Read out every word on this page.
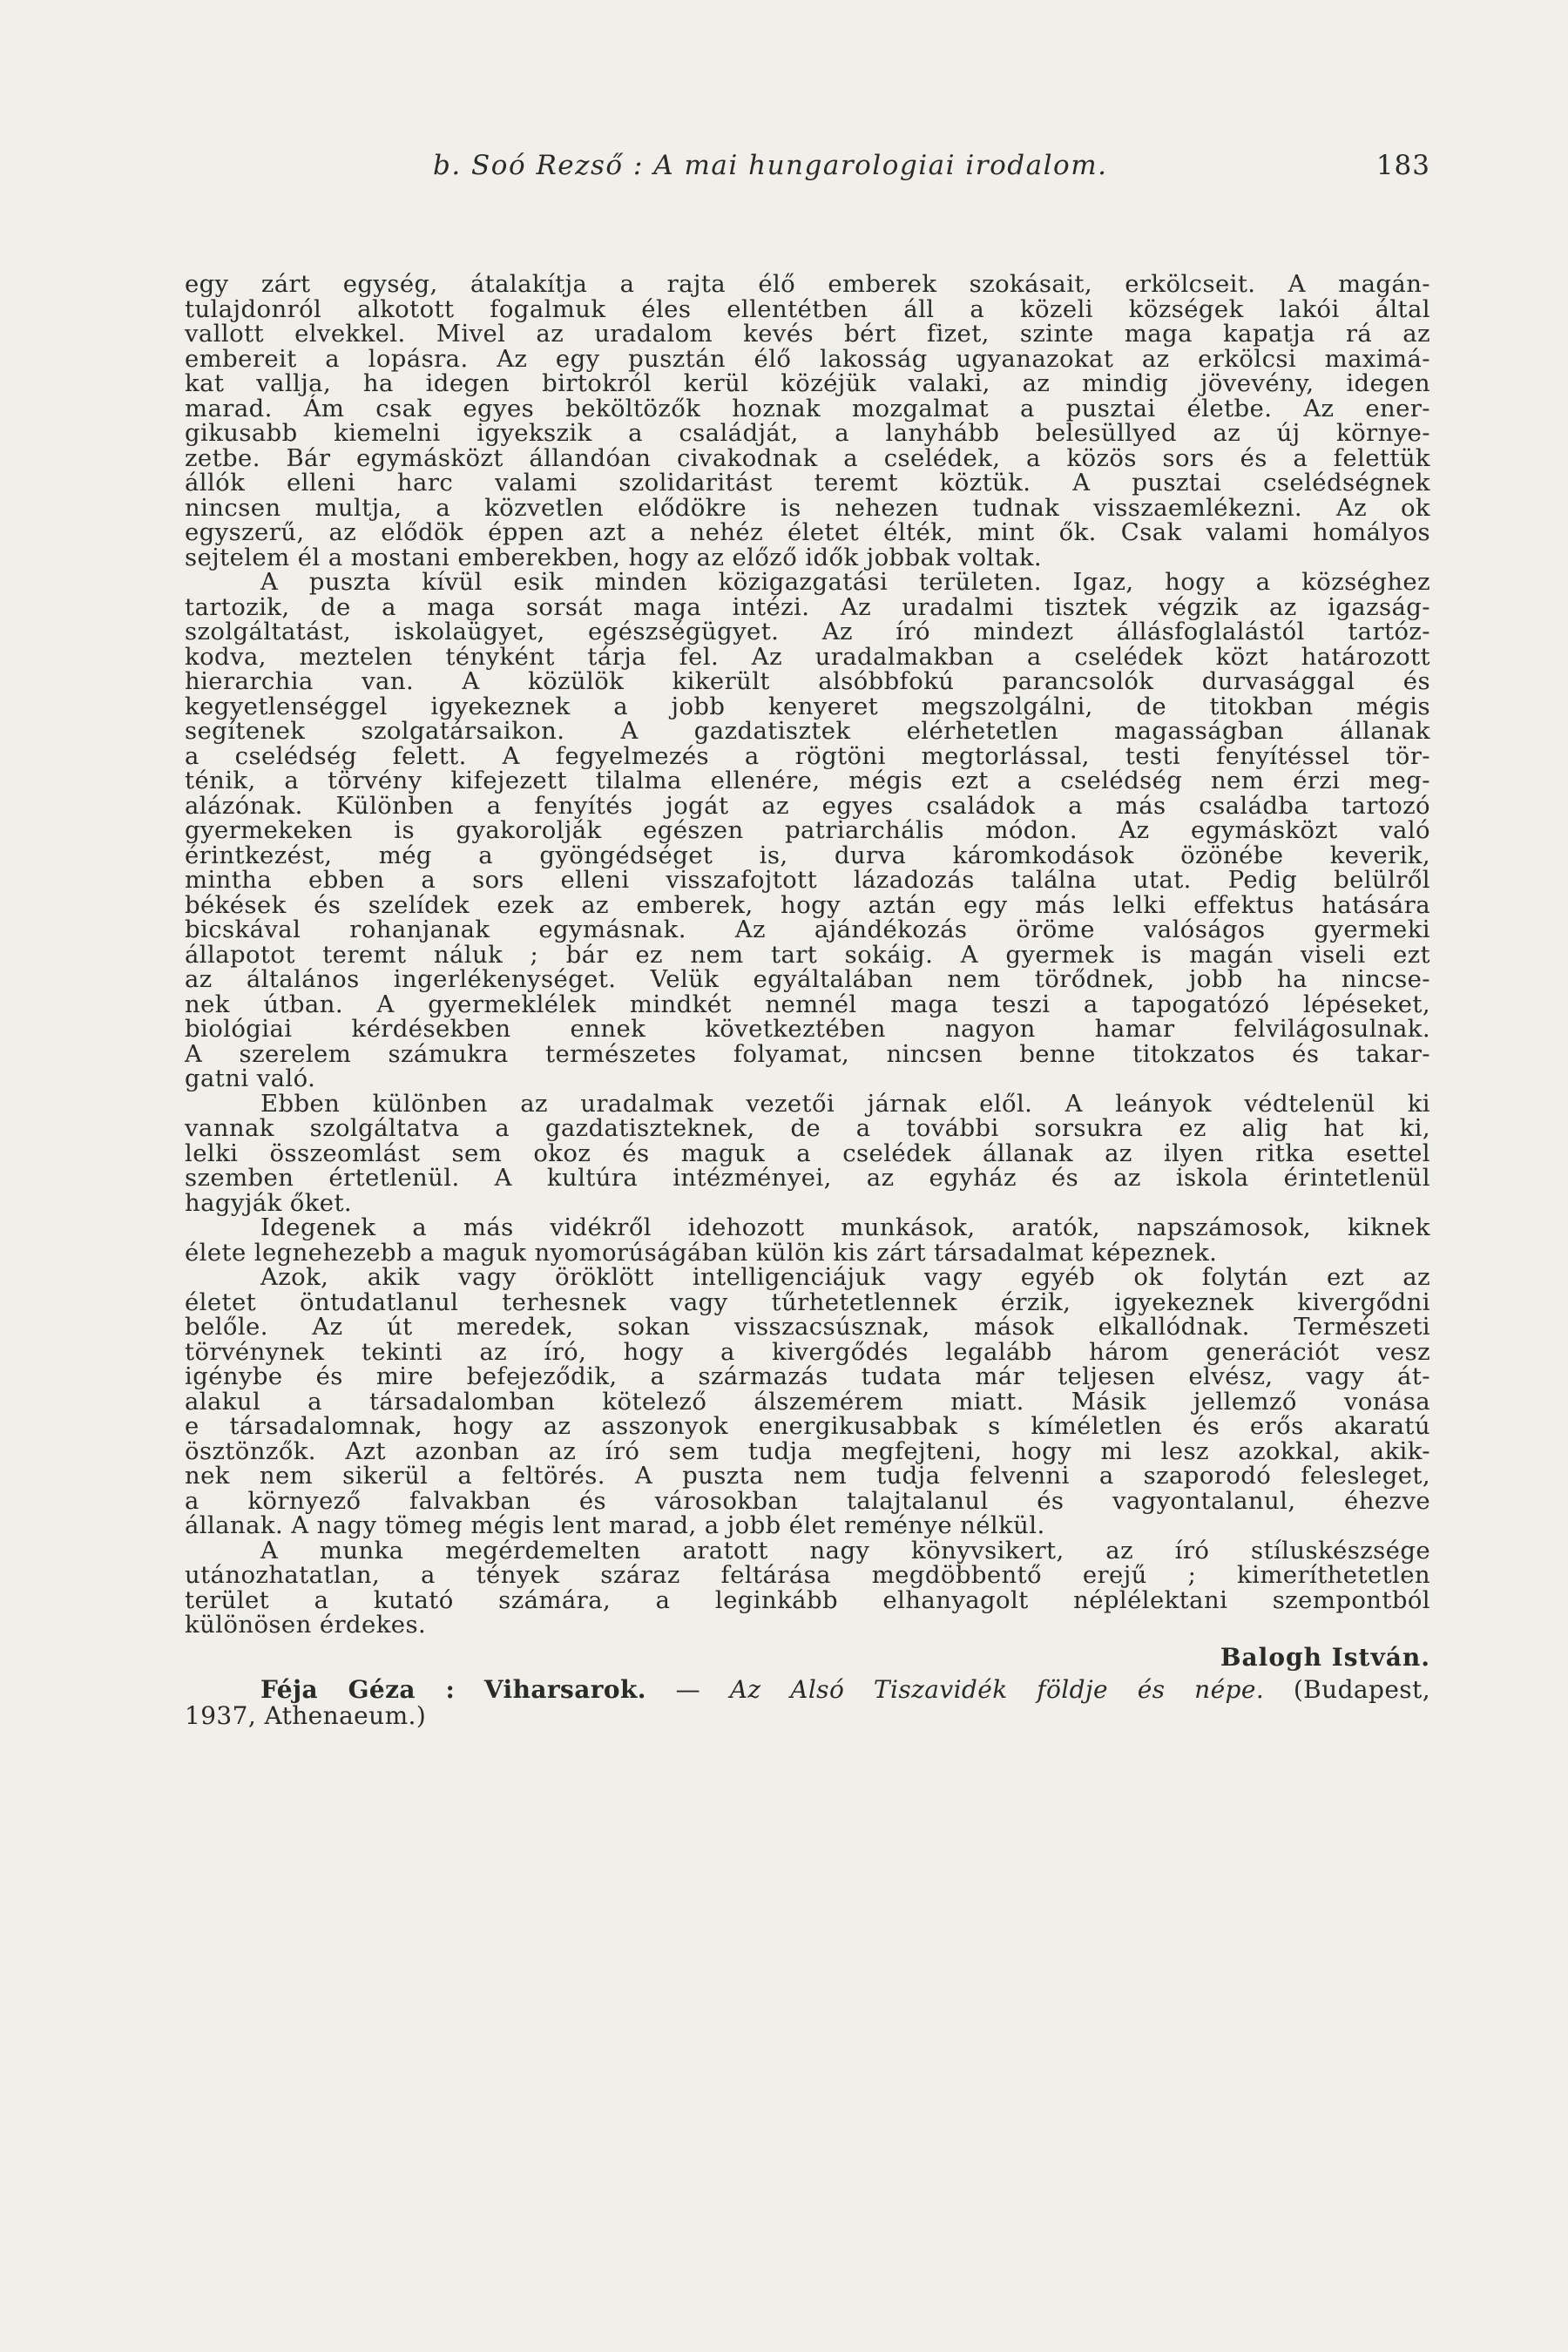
b. Soó Rezső : A mai hungarologiai irodalom.	183
egy zárt egység, átalakítja a rajta élő emberek szokásait, erkölcseit. A magán-
tulajdonról alkotott fogalmuk éles ellentétben áll a közeli községek lakói által
vallott elvekkel. Mivel az uradalom kevés bért fizet, szinte maga kapatja rá az
embereit a lopásra. Az egy pusztán élő lakosság ugyanazokat az erkölcsi maximá-
kat vallja, ha idegen birtokról kerül közéjük valaki, az mindig jövevény, idegen
marad. Ám csak egyes beköltözők hoznak mozgalmat a pusztai életbe. Az ener-
gikusabb kiemelni igyekszik a családját, a lanyhább belesüllyed az új környe-
zetbe. Bár egymásközt állandóan civakodnak a cselédek, a közös sors és a felettük
állók elleni harc valami szolidaritást teremt köztük. A pusztai cselédségnek
nincsen multja, a közvetlen elődökre is nehezen tudnak visszaemlékezni. Az ok
egyszerű, az elődök éppen azt a nehéz életet élték, mint ők. Csak valami homályos
sejtelem él a mostani emberekben, hogy az előző idők jobbak voltak.
A puszta kívül esik minden közigazgatási területen. Igaz, hogy a községhez
tartozik, de a maga sorsát maga intézi. Az uradalmi tisztek végzik az igazság-
szolgáltatást, iskolaügyet, egészségügyet. Az író mindezt állásfoglalástól tartóz-
kodva, meztelen tényként tárja fel. Az uradalmakban a cselédek közt határozott
hierarchia van. A közülök kikerült alsóbbfokú parancsolók durvasággal és
kegyetlenséggel igyekeznek a jobb kenyeret megszolgálni, de titokban mégis
segítenek szolgatársaikon. A gazdatisztek elérhetetlen magasságban állanak
a cselédség felett. A fegyelmezés a rögtöni megtorlással, testi fenyítéssel tör-
ténik, a törvény kifejezett tilalma ellenére, mégis ezt a cselédség nem érzi meg-
alázónak. Különben a fenyítés jogát az egyes családok a más családba tartozó
gyermekeken is gyakorolják egészen patriarchális módon. Az egymásközt való
érintkezést, még a gyöngédséget is, durva káromkodások özönébe keverik,
mintha ebben a sors elleni visszafojtott lázadozás találna utat. Pedig belülről
békések és szelídek ezek az emberek, hogy aztán egy más lelki effektus hatására
bicskával rohanjanak egymásnak. Az ajándékozás öröme valóságos gyermeki
állapotot teremt náluk ; bár ez nem tart sokáig. A gyermek is magán viseli ezt
az általános ingerlékenységet. Velük egyáltalában nem törődnek, jobb ha nincse-
nek útban. A gyermeklélek mindkét nemnél maga teszi a tapogatózó lépéseket,
biológiai kérdésekben ennek következtében nagyon hamar felvilágosulnak.
A szerelem számukra természetes folyamat, nincsen benne titokzatos és takar-
gatni való.
Ebben különben az uradalmak vezetői járnak elől. A leányok védtelenül ki
vannak szolgáltatva a gazdatiszteknek, de a további sorsukra ez alig hat ki,
lelki összeomlást sem okoz és maguk a cselédek állanak az ilyen ritka esettel
szemben értetlenül. A kultúra intézményei, az egyház és az iskola érintetlenül
hagyják őket.
Idegenek a más vidékről idehozott munkások, aratók, napszámosok, kiknek
élete legnehezebb a maguk nyomorúságában külön kis zárt társadalmat képeznek.
Azok, akik vagy öröklött intelligenciájuk vagy egyéb ok folytán ezt az
életet öntudatlanul terhesnek vagy tűrhetetlennek érzik, igyekeznek kivergődni
belőle. Az út meredek, sokan visszacsúsznak, mások elkallódnak. Természeti
törvénynek tekinti az író, hogy a kivergődés legalább három generációt vesz
igénybe és mire befejeződik, a származás tudata már teljesen elvész, vagy át-
alakul a társadalomban kötelező álszemérem miatt. Másik jellemző vonása
e társadalomnak, hogy az asszonyok energikusabbak s kíméletlen és erős akaratú
ösztönzők. Azt azonban az író sem tudja megfejteni, hogy mi lesz azokkal, akik-
nek nem sikerül a feltörés. A puszta nem tudja felvenni a szaporodó felesleget,
a környező falvakban és városokban talajtalanul és vagyontalanul, éhezve
állanak. A nagy tömeg mégis lent marad, a jobb élet reménye nélkül.
A munka megérdemelten aratott nagy könyvsikert, az író stíluskészsége
utánozhatatlan, a tények száraz feltárása megdöbbentő erejű ; kimeríthetetlen
terület a kutató számára, a leginkább elhanyagolt néplélektani szempontból
különösen érdekes.
Balogh István.
Féja Géza : Viharsarok. — Az Alsó Tiszavidék földje és népe. (Budapest,
1937, Athenaeum.)
